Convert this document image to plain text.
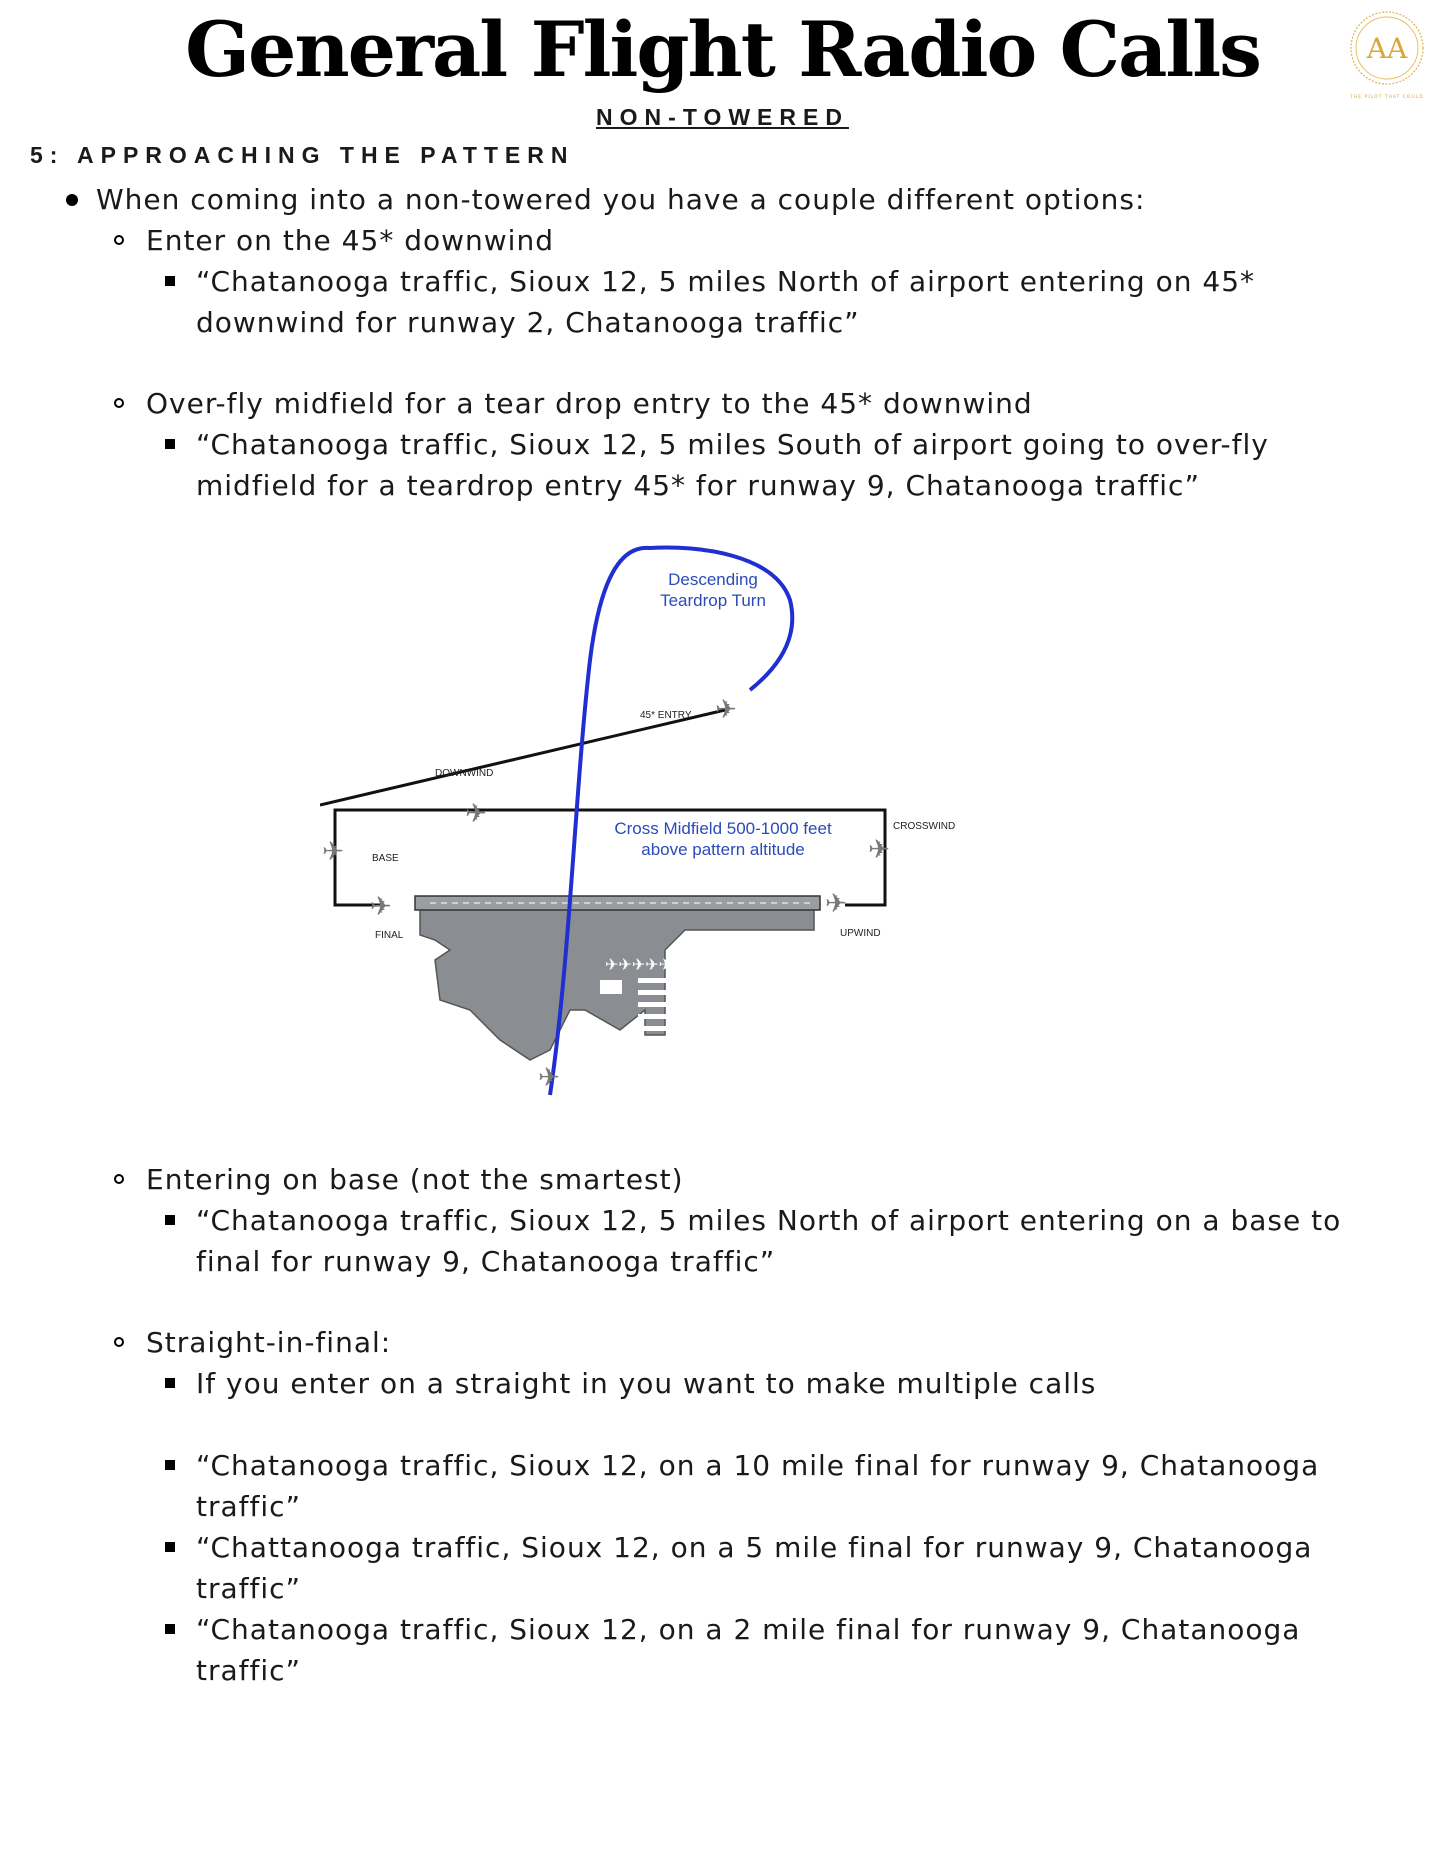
General Flight Radio Calls
NON-TOWERED
AA
THE PILOT THAT COULD
5: APPROACHING THE PATTERN
When coming into a non-towered you have a couple different options:
Enter on the 45* downwind
“Chatanooga traffic, Sioux 12, 5 miles North of airport entering on 45*
downwind for runway 2, Chatanooga traffic”
Over-fly midfield for a tear drop entry to the 45* downwind
“Chatanooga traffic, Sioux 12, 5 miles South of airport going to over-fly
midfield for a teardrop entry 45* for runway 9, Chatanooga traffic”
✈✈✈✈✈
✈
✈
✈
✈	✈
✈
✈
Descending
Teardrop Turn
45* ENTRY
DOWNWIND
CROSSWIND
BASE
FINAL	UPWIND
Cross Midfield 500-1000 feet
above pattern altitude
Entering on base (not the smartest)
“Chatanooga traffic, Sioux 12, 5 miles North of airport entering on a base to
final for runway 9, Chatanooga traffic”
Straight-in-final:
If you enter on a straight in you want to make multiple calls
“Chatanooga traffic, Sioux 12, on a 10 mile final for runway 9, Chatanooga
traffic”
“Chattanooga traffic, Sioux 12, on a 5 mile final for runway 9, Chatanooga
traffic”
“Chatanooga traffic, Sioux 12, on a 2 mile final for runway 9, Chatanooga
traffic”
